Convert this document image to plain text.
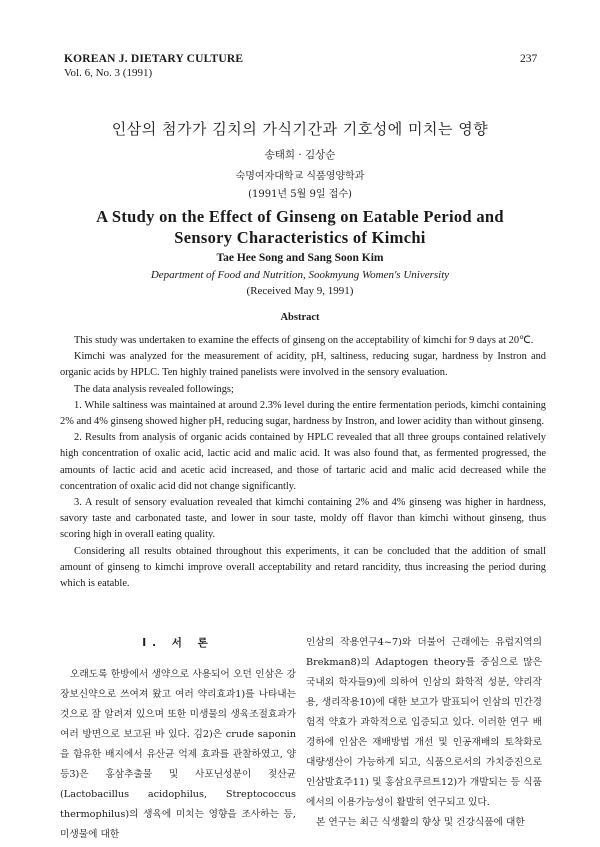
KOREAN J. DIETARY CULTURE
Vol. 6, No. 3 (1991)
237
인삼의 첨가가 김치의 가식기간과 기호성에 미치는 영향
송태희 · 김상순
숙명여자대학교 식품영양학과
(1991년 5월 9일 접수)
A Study on the Effect of Ginseng on Eatable Period and
Sensory Characteristics of Kimchi
Tae Hee Song and Sang Soon Kim
Department of Food and Nutrition, Sookmyung Women's University
(Received May 9, 1991)
Abstract

This study was undertaken to examine the effects of ginseng on the acceptability of kimchi for 9 days at 20℃.

Kimchi was analyzed for the measurement of acidity, pH, saltiness, reducing sugar, hardness by Instron and organic acids by HPLC. Ten highly trained panelists were involved in the sensory evaluation.

The data analysis revealed followings;

1. While saltiness was maintained at around 2.3% level during the entire fermentation periods, kimchi containing 2% and 4% ginseng showed higher pH, reducing sugar, hardness by Instron, and lower acidity than without ginseng.

2. Results from analysis of organic acids contained by HPLC revealed that all three groups contained relatively high concentration of oxalic acid, lactic acid and malic acid. It was also found that, as fermented progressed, the amounts of lactic acid and acetic acid increased, and those of tartaric acid and malic acid decreased while the concentration of oxalic acid did not change significantly.

3. A result of sensory evaluation revealed that kimchi containing 2% and 4% ginseng was higher in hardness, savory taste and carbonated taste, and lower in sour taste, moldy off flavor than kimchi without ginseng, thus scoring high in overall eating quality.

Considering all results obtained throughout this experiments, it can be concluded that the addition of small amount of ginseng to kimchi improve overall acceptability and retard rancidity, thus increasing the period during which is eatable.

I. 서 론

오래도록 한방에서 생약으로 사용되어 오던 인삼은 강장보신약으로 쓰여져 왔고 여러 약리효과1)를 나타내는 것으로 잘 알려져 있으며 또한 미생물의 생육조절효과가 여러 방면으로 보고된 바 있다. 김2)은 crude saponin을 함유한 배지에서 유산균 억제 효과를 관찰하였고, 양 등3)은 홍삼추출물 및 사포닌성분이 젖산균 (Lactobacillus acidophilus, Streptococcus thermophilus)의 생육에 미치는 영향을 조사하는 등, 미생물에 대한

인삼의 작용연구4~7)와 더불어 근래에는 유럽지역의 Brekman8)의 Adaptogen theory를 중심으로 많은 국내외 학자들9)에 의하여 인삼의 화학적 성분, 약리작용, 생리작용10)에 대한 보고가 발표되어 인삼의 민간경험적 약효가 과학적으로 입증되고 있다. 이러한 연구 배경하에 인삼은 재배방법 개선 및 인공재배의 토착화로 대량생산이 가능하게 되고, 식품으로서의 가치증진으로 인삼발효주11) 및 홍삼요쿠르트12)가 개발되는 등 식품에서의 이용가능성이 활발히 연구되고 있다.

본 연구는 최근 식생활의 향상 및 건강식품에 대한
